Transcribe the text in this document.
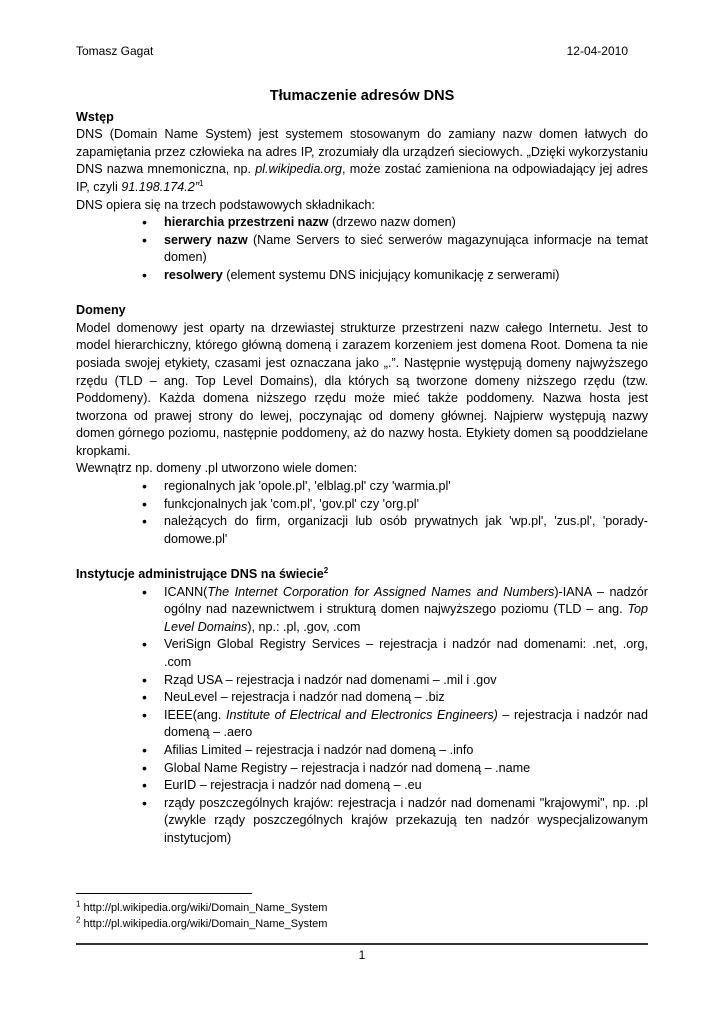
Tomasz Gagat	12-04-2010
Tłumaczenie adresów DNS
Wstęp

DNS (Domain Name System) jest systemem stosowanym do zamiany nazw domen łatwych do zapamiętania przez człowieka na adres IP, zrozumiały dla urządzeń sieciowych. „Dzięki wykorzystaniu DNS nazwa mnemoniczna, np. pl.wikipedia.org, może zostać zamieniona na odpowiadający jej adres IP, czyli 91.198.174.2”$^1$

DNS opiera się na trzech podstawowych składnikach:

• hierarchia przestrzeni nazw (drzewo nazw domen)
• serwery nazw (Name Servers to sieć serwerów magazynująca informacje na temat domen)
• resolwery (element systemu DNS inicjujący komunikację z serwerami)
Domeny

Model domenowy jest oparty na drzewiastej strukturze przestrzeni nazw całego Internetu. Jest to model hierarchiczny, którego główną domeną i zarazem korzeniem jest domena Root. Domena ta nie posiada swojej etykiety, czasami jest oznaczana jako „.”. Następnie występują domeny najwyższego rzędu (TLD – ang. Top Level Domains), dla których są tworzone domeny niższego rzędu (tzw. Poddomeny). Każda domena niższego rzędu może mieć także poddomeny. Nazwa hosta jest tworzona od prawej strony do lewej, poczynając od domeny głównej. Najpierw występują nazwy domen górnego poziomu, następnie poddomeny, aż do nazwy hosta. Etykiety domen są pooddzielane kropkami.

Wewnątrz np. domeny .pl utworzono wiele domen:

• regionalnych jak 'opole.pl', 'elblag.pl' czy 'warmia.pl'
• funkcjonalnych jak 'com.pl', 'gov.pl' czy 'org.pl'
• należących do firm, organizacji lub osób prywatnych jak 'wp.pl', 'zus.pl', 'porady-domowe.pl'
Instytucje administrujące DNS na świecie$^2$
• ICANN(The Internet Corporation for Assigned Names and Numbers)-IANA – nadzór ogólny nad nazewnictwem i strukturą domen najwyższego poziomu (TLD – ang. Top Level Domains), np.: .pl, .gov, .com
• VeriSign Global Registry Services – rejestracja i nadzór nad domenami: .net, .org, .com
• Rząd USA – rejestracja i nadzór nad domenami – .mil i .gov
• NeuLevel – rejestracja i nadzór nad domeną – .biz
• IEEE(ang. Institute of Electrical and Electronics Engineers) – rejestracja i nadzór nad domeną – .aero
• Afilias Limited – rejestracja i nadzór nad domeną – .info
• Global Name Registry – rejestracja i nadzór nad domeną – .name
• EurID – rejestracja i nadzór nad domeną – .eu
• rządy poszczególnych krajów: rejestracja i nadzór nad domenami "krajowymi", np. .pl (zwykle rządy poszczególnych krajów przekazują ten nadzór wyspecjalizowanym instytucjom)
$^1$ http://pl.wikipedia.org/wiki/Domain_Name_System
$^2$ http://pl.wikipedia.org/wiki/Domain_Name_System
1
